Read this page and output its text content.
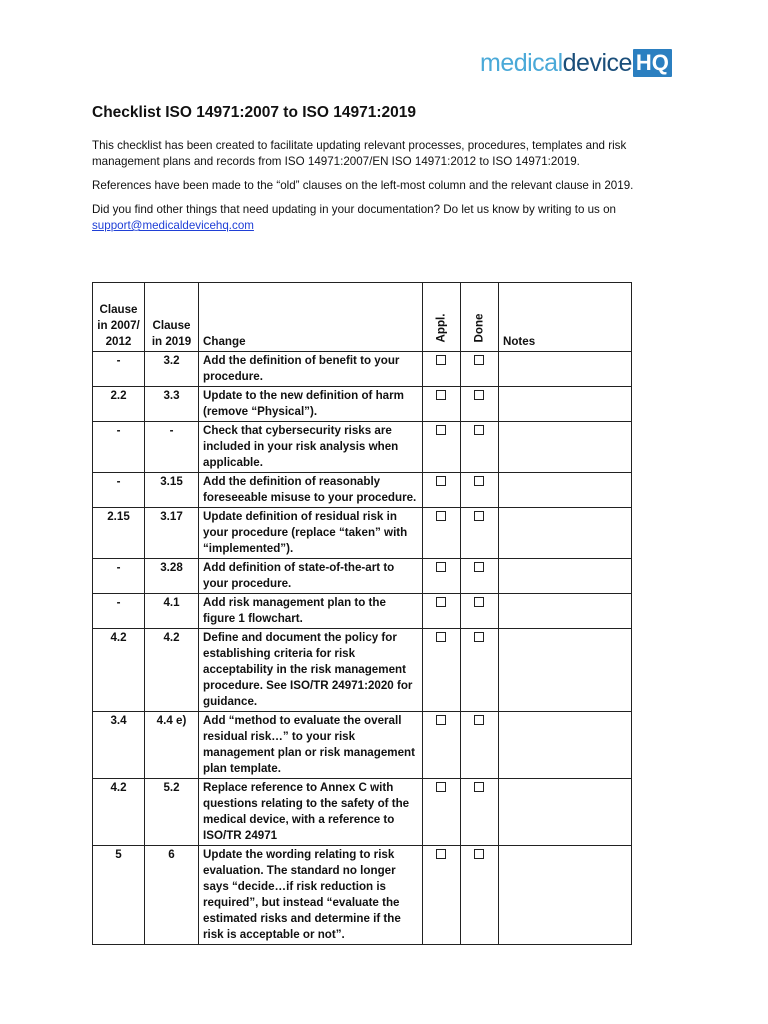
medical device HQ
Checklist ISO 14971:2007 to ISO 14971:2019

This checklist has been created to facilitate updating relevant processes, procedures, templates and risk management plans and records from ISO 14971:2007/EN ISO 14971:2012 to ISO 14971:2019.

References have been made to the “old” clauses on the left-most column and the relevant clause in 2019.

Did you find other things that need updating in your documentation? Do let us know by writing to us on support@medicaldevicehq.com

Clause in 2007/ 2012	Clause in 2019	Change	Appl.	Done	Notes
-	3.2	Add the definition of benefit to your procedure.			
2.2	3.3	Update to the new definition of harm (remove “Physical”).			
-	-	Check that cybersecurity risks are included in your risk analysis when applicable.			
-	3.15	Add the definition of reasonably foreseeable misuse to your procedure.			
2.15	3.17	Update definition of residual risk in your procedure (replace “taken” with “implemented”).			
-	3.28	Add definition of state-of-the-art to your procedure.			
-	4.1	Add risk management plan to the figure 1 flowchart.			
4.2	4.2	Define and document the policy for establishing criteria for risk acceptability in the risk management procedure. See ISO/TR 24971:2020 for guidance.			
3.4	4.4 e)	Add “method to evaluate the overall residual risk…” to your risk management plan or risk management plan template.			
4.2	5.2	Replace reference to Annex C with questions relating to the safety of the medical device, with a reference to ISO/TR 24971			
5	6	Update the wording relating to risk evaluation. The standard no longer says “decide…if risk reduction is required”, but instead “evaluate the estimated risks and determine if the risk is acceptable or not”.			
